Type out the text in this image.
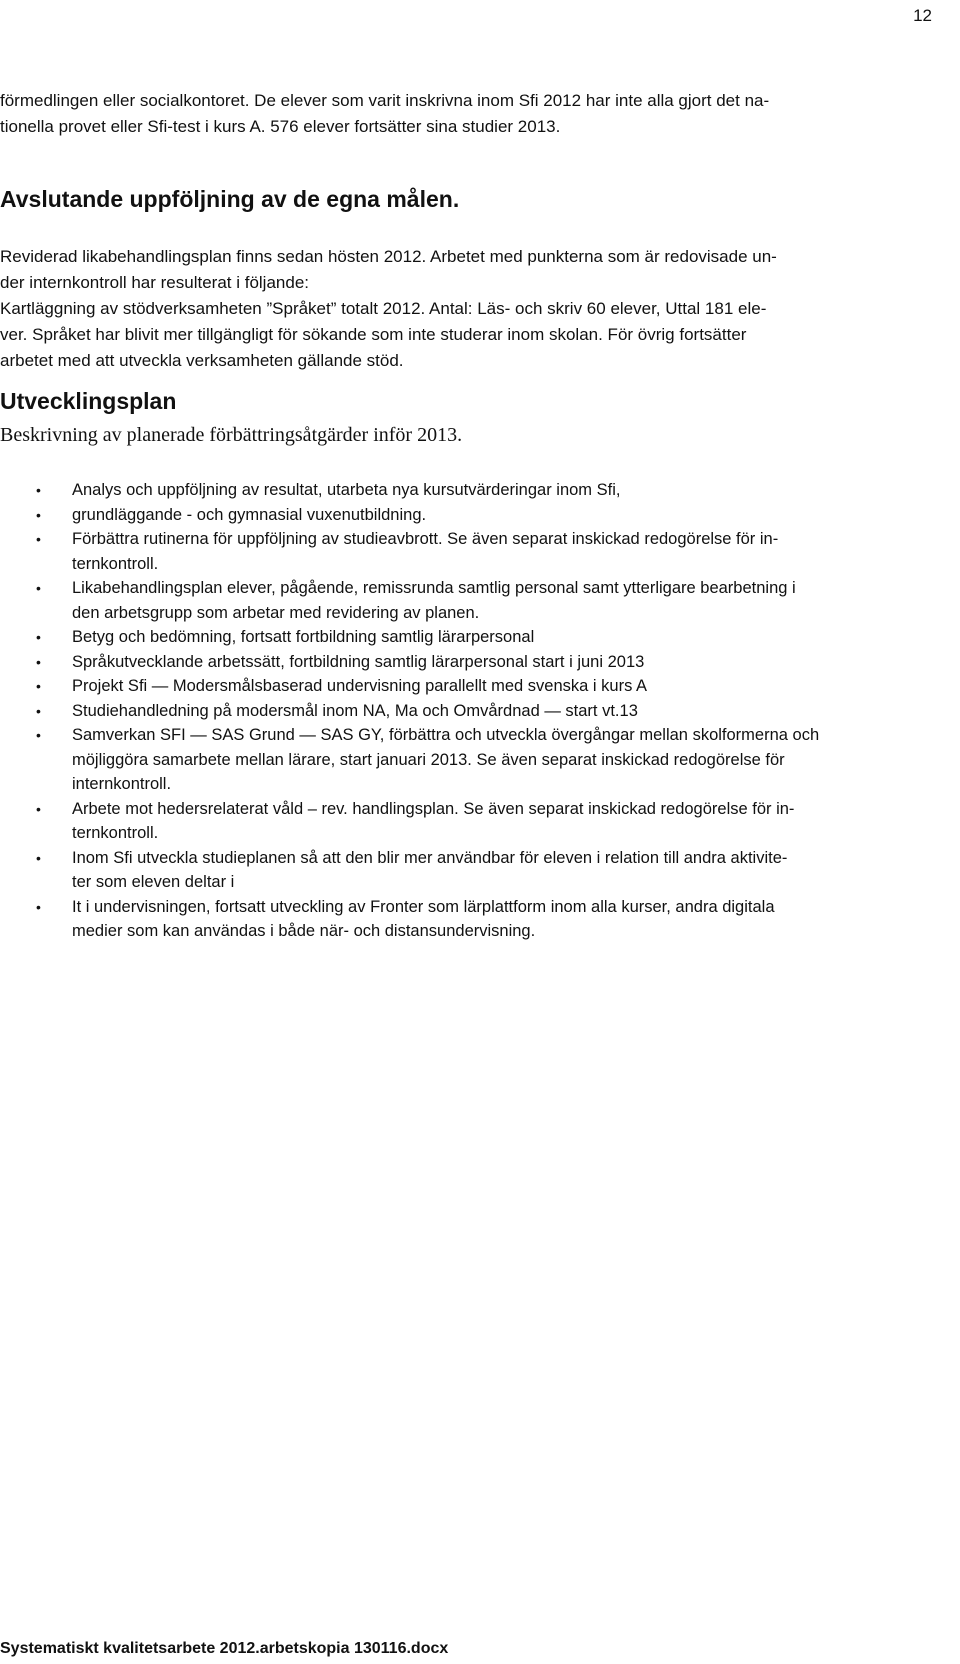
12

förmedlingen eller socialkontoret. De elever som varit inskrivna inom Sfi 2012 har inte alla gjort det na-
tionella provet eller Sfi-test i kurs A. 576 elever fortsätter sina studier 2013.

Avslutande uppföljning av de egna målen.

Reviderad likabehandlingsplan finns sedan hösten 2012. Arbetet med punkterna som är redovisade un-
der internkontroll har resulterat i följande:
Kartläggning av stödverksamheten ”Språket” totalt 2012. Antal: Läs- och skriv 60 elever, Uttal 181 ele-
ver. Språket har blivit mer tillgängligt för sökande som inte studerar inom skolan. För övrig fortsätter
arbetet med att utveckla verksamheten gällande stöd.

Utvecklingsplan
Beskrivning av planerade förbättringsåtgärder inför 2013.
• Analys och uppföljning av resultat, utarbeta nya kursutvärderingar inom Sfi,
• grundläggande - och gymnasial vuxenutbildning.
• Förbättra rutinerna för uppföljning av studieavbrott. Se även separat inskickad redogörelse för in-
ternkontroll.
• Likabehandlingsplan elever, pågående, remissrunda samtlig personal samt ytterligare bearbetning i
den arbetsgrupp som arbetar med revidering av planen.
• Betyg och bedömning, fortsatt fortbildning samtlig lärarpersonal
• Språkutvecklande arbetssätt, fortbildning samtlig lärarpersonal start i juni 2013
• Projekt Sfi — Modersmålsbaserad undervisning parallellt med svenska i kurs A
• Studiehandledning på modersmål inom NA, Ma och Omvårdnad — start vt.13
• Samverkan SFI — SAS Grund — SAS GY, förbättra och utveckla övergångar mellan skolformerna och
möjliggöra samarbete mellan lärare, start januari 2013. Se även separat inskickad redogörelse för
internkontroll.
• Arbete mot hedersrelaterat våld – rev. handlingsplan. Se även separat inskickad redogörelse för in-
ternkontroll.
• Inom Sfi utveckla studieplanen så att den blir mer användbar för eleven i relation till andra aktivite-
ter som eleven deltar i
• It i undervisningen, fortsatt utveckling av Fronter som lärplattform inom alla kurser, andra digitala
medier som kan användas i både när- och distansundervisning.
Systematiskt kvalitetsarbete 2012.arbetskopia 130116.docx
